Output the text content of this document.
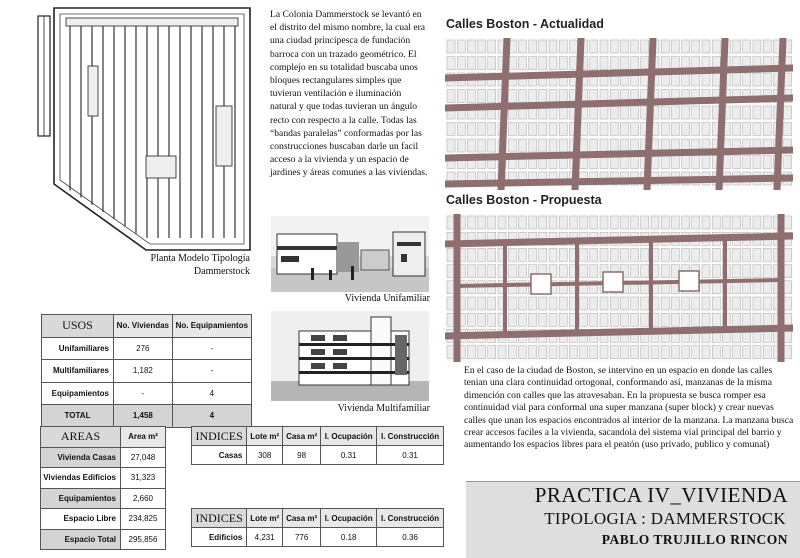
Planta Modelo Tipología
Dammerstock
La Colonia Dammerstock se levantó en el distrito del mismo nombre, la cual era una ciudad principesca de fundación barroca con un trazado geométrico. El complejo en su totalidad buscaba unos bloques rectangulares simples que tuvieran ventilación e iluminación natural y que todas tuvieran un ángulo recto con respecto a la calle. Todas las “bandas paralelas” conformadas por las construcciones buscaban darle un facil acceso a la vivienda y un espacio de jardines y áreas comunes a las viviendas.
Vivienda Unifamiliar
Vivienda Multifamiliar
Calles Boston - Actualidad
Calles Boston - Propuesta
En el caso de la ciudad de Boston, se intervino en un espacio en donde las calles tenian una clara continuidad ortogonal, conformando así, manzanas de la misma dimención con calles que las atravesaban. En la propuesta se busca romper esa continuidad vial para conformal una super manzana (super block) y crear nuevas calles que unan los espacios encontrados al interior de la manzana. La manzana busca crear accesos faciles a la vivienda, sacandola del sistema vial principal del barrio y aumentando los espacios libres para el peatón (uso privado, publico y comunal)
PRACTICA IV_VIVIENDA
TIPOLOGIA : DAMMERSTOCK
PABLO TRUJILLO RINCON
USOS	No. Viviendas	No. Equipamientos
Unifamiliares	276	-
Multifamiliares	1,182	-
Equipamientos	-	4
TOTAL	1,458	4
AREAS	Area m²
Vivienda Casas	27,048
Viviendas Edificios	31,323
Equipamientos	2,660
Espacio Libre	234,825
Espacio Total	295,856
INDICES	Lote m²	Casa m²	I. Ocupación	I. Construcción
Casas	308	98	0.31	0.31
INDICES	Lote m²	Casa m²	I. Ocupación	I. Construcción
Edificios	4,231	776	0.18	0.36
